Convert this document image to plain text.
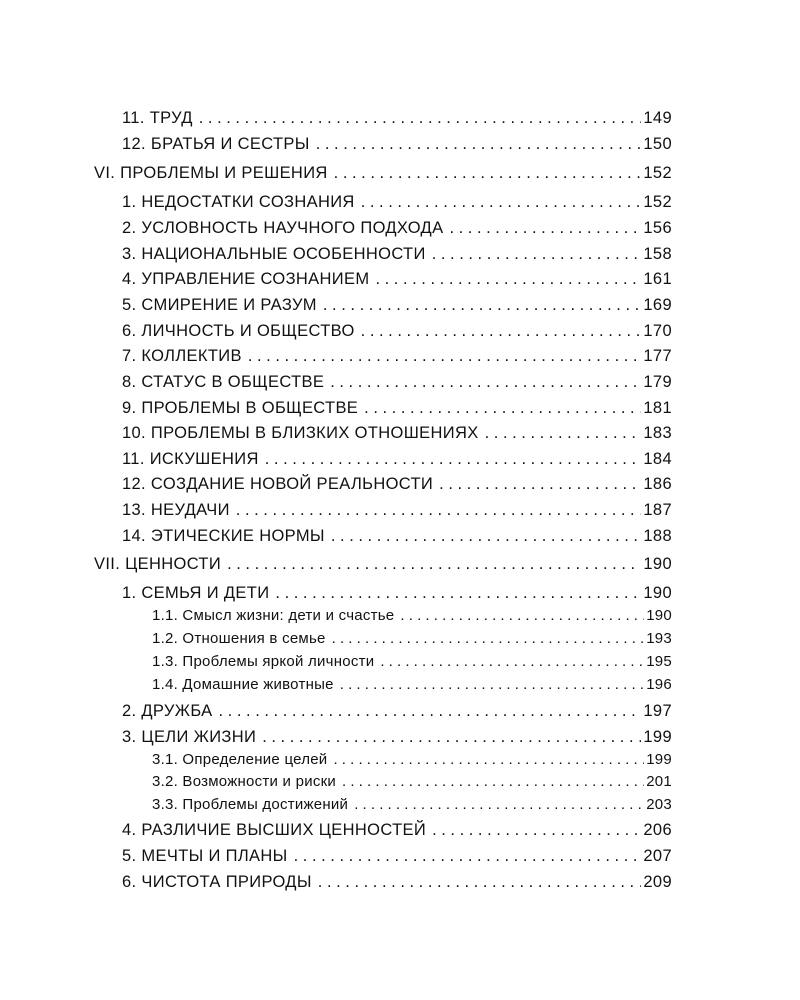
11. ТРУД . . .	149
12. БРАТЬЯ И СЕСТРЫ . . .	150
VI. ПРОБЛЕМЫ И РЕШЕНИЯ . . .	152
1. НЕДОСТАТКИ СОЗНАНИЯ . . .	152
2. УСЛОВНОСТЬ НАУЧНОГО ПОДХОДА . . .	156
3. НАЦИОНАЛЬНЫЕ ОСОБЕННОСТИ . . .	158
4. УПРАВЛЕНИЕ СОЗНАНИЕМ . . .	161
5. СМИРЕНИЕ И РАЗУМ . . .	169
6. ЛИЧНОСТЬ И ОБЩЕСТВО . . .	170
7. КОЛЛЕКТИВ . . .	177
8. СТАТУС В ОБЩЕСТВЕ . . .	179
9. ПРОБЛЕМЫ В ОБЩЕСТВЕ . . .	181
10. ПРОБЛЕМЫ В БЛИЗКИХ ОТНОШЕНИЯХ . . .	183
11. ИСКУШЕНИЯ . . .	184
12. СОЗДАНИЕ НОВОЙ РЕАЛЬНОСТИ . . .	186
13. НЕУДАЧИ . . .	187
14. ЭТИЧЕСКИЕ НОРМЫ . . .	188
VII. ЦЕННОСТИ . . .	190
1. СЕМЬЯ И ДЕТИ . . .	190
1.1. Смысл жизни: дети и счастье . . .	190
1.2. Отношения в семье . . .	193
1.3. Проблемы яркой личности . . .	195
1.4. Домашние животные . . .	196
2. ДРУЖБА . . .	197
3. ЦЕЛИ ЖИЗНИ . . .	199
3.1. Определение целей . . .	199
3.2. Возможности и риски . . .	201
3.3. Проблемы достижений . . .	203
4. РАЗЛИЧИЕ ВЫСШИХ ЦЕННОСТЕЙ . . .	206
5. МЕЧТЫ И ПЛАНЫ . . .	207
6. ЧИСТОТА ПРИРОДЫ . . .	209
